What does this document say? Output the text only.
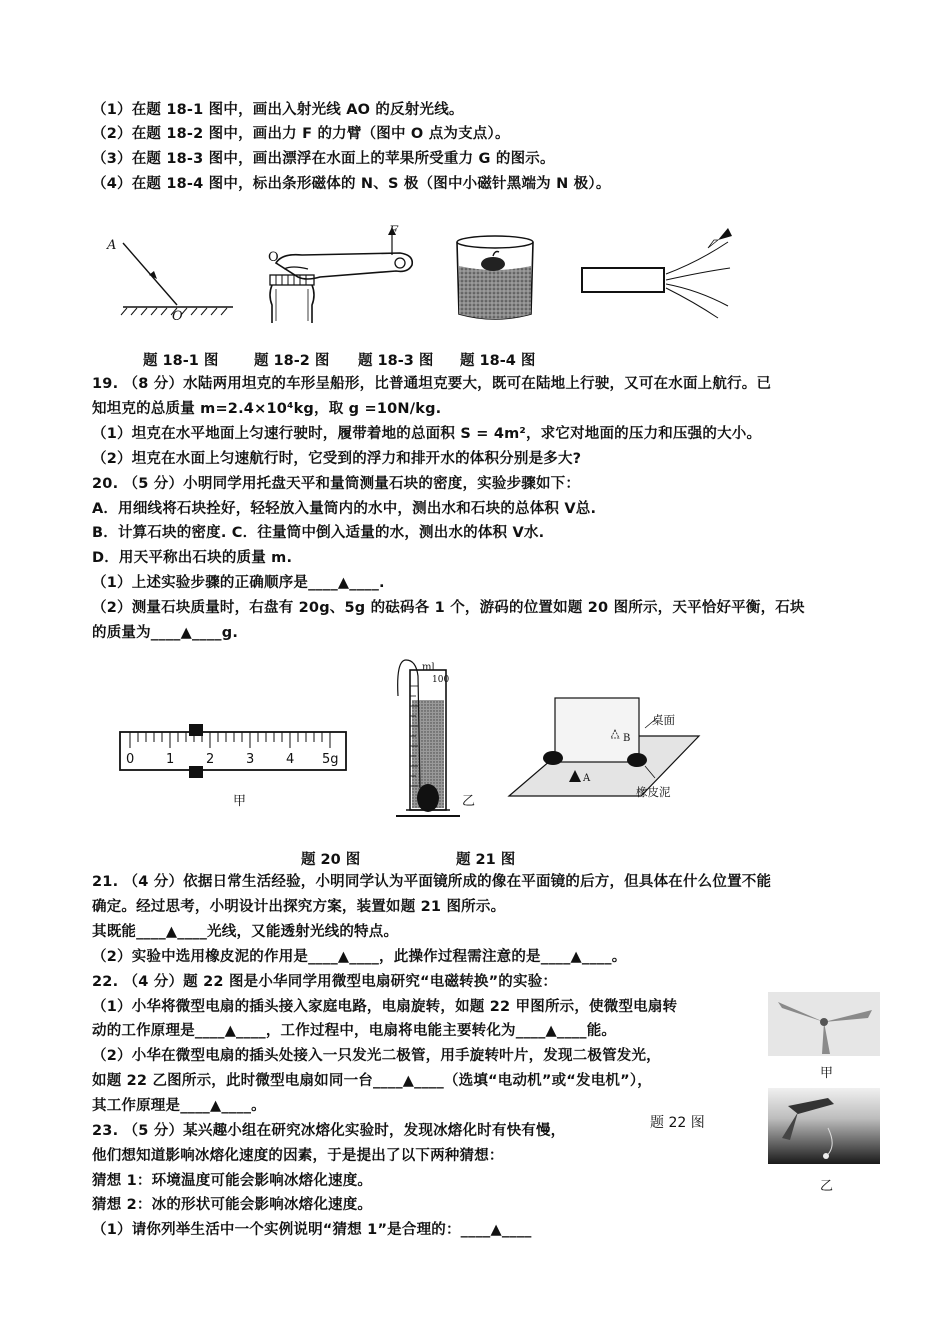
（1）在题 18-1 图中，画出入射光线 AO 的反射光线。
（2）在题 18-2 图中，画出力 F 的力臂（图中 O 点为支点）。
（3）在题 18-3 图中，画出漂浮在水面上的苹果所受重力 G 的图示。
（4）在题 18-4 图中，标出条形磁体的 N、S 极（图中小磁针黑端为 N 极）。
A
O
F
O
题 18-1 图 题 18-2 图 题 18-3 图 题 18-4 图
19. （8 分）水陆两用坦克的车形呈船形，比普通坦克要大，既可在陆地上行驶，又可在水面上航行。已
知坦克的总质量 m=2.4×10⁴kg，取 g =10N/kg.
（1）坦克在水平地面上匀速行驶时，履带着地的总面积 S = 4m²，求它对地面的压力和压强的大小。
（2）坦克在水面上匀速航行时，它受到的浮力和排开水的体积分别是多大?
20. （5 分）小明同学用托盘天平和量筒测量石块的密度，实验步骤如下：
A．用细线将石块拴好，轻轻放入量筒内的水中，测出水和石块的总体积 V总.
B．计算石块的密度. C．往量筒中倒入适量的水，测出水的体积 V水.
D．用天平称出石块的质量 m.
（1）上述实验步骤的正确顺序是____▲____.
（2）测量石块质量时，右盘有 20g、5g 的砝码各 1 个，游码的位置如题 20 图所示，天平恰好平衡，石块
的质量为____▲____g.
0 1 2 3 4 5g
甲
ml
100
乙
桌面
橡皮泥
B
A
题 20 图	题 21 图
21. （4 分）依据日常生活经验，小明同学认为平面镜所成的像在平面镜的后方，但具体在什么位置不能
确定。经过思考，小明设计出探究方案，装置如题 21 图所示。
其既能____▲____光线，又能透射光线的特点。
（2）实验中选用橡皮泥的作用是____▲____，此操作过程需注意的是____▲____。
22. （4 分）题 22 图是小华同学用微型电扇研究“电磁转换”的实验：
（1）小华将微型电扇的插头接入家庭电路，电扇旋转，如题 22 甲图所示，使微型电扇转
动的工作原理是____▲____，工作过程中，电扇将电能主要转化为____▲____能。
（2）小华在微型电扇的插头处接入一只发光二极管，用手旋转叶片，发现二极管发光，
如题 22 乙图所示，此时微型电扇如同一台____▲____（选填“电动机”或“发电机”），
其工作原理是____▲____。
23. （5 分）某兴趣小组在研究冰熔化实验时，发现冰熔化时有快有慢，
他们想知道影响冰熔化速度的因素，于是提出了以下两种猜想：
猜想 1：环境温度可能会影响冰熔化速度。
猜想 2：冰的形状可能会影响冰熔化速度。
（1）请你列举生活中一个实例说明“猜想 1”是合理的：____▲____
甲
题 22 图
乙
